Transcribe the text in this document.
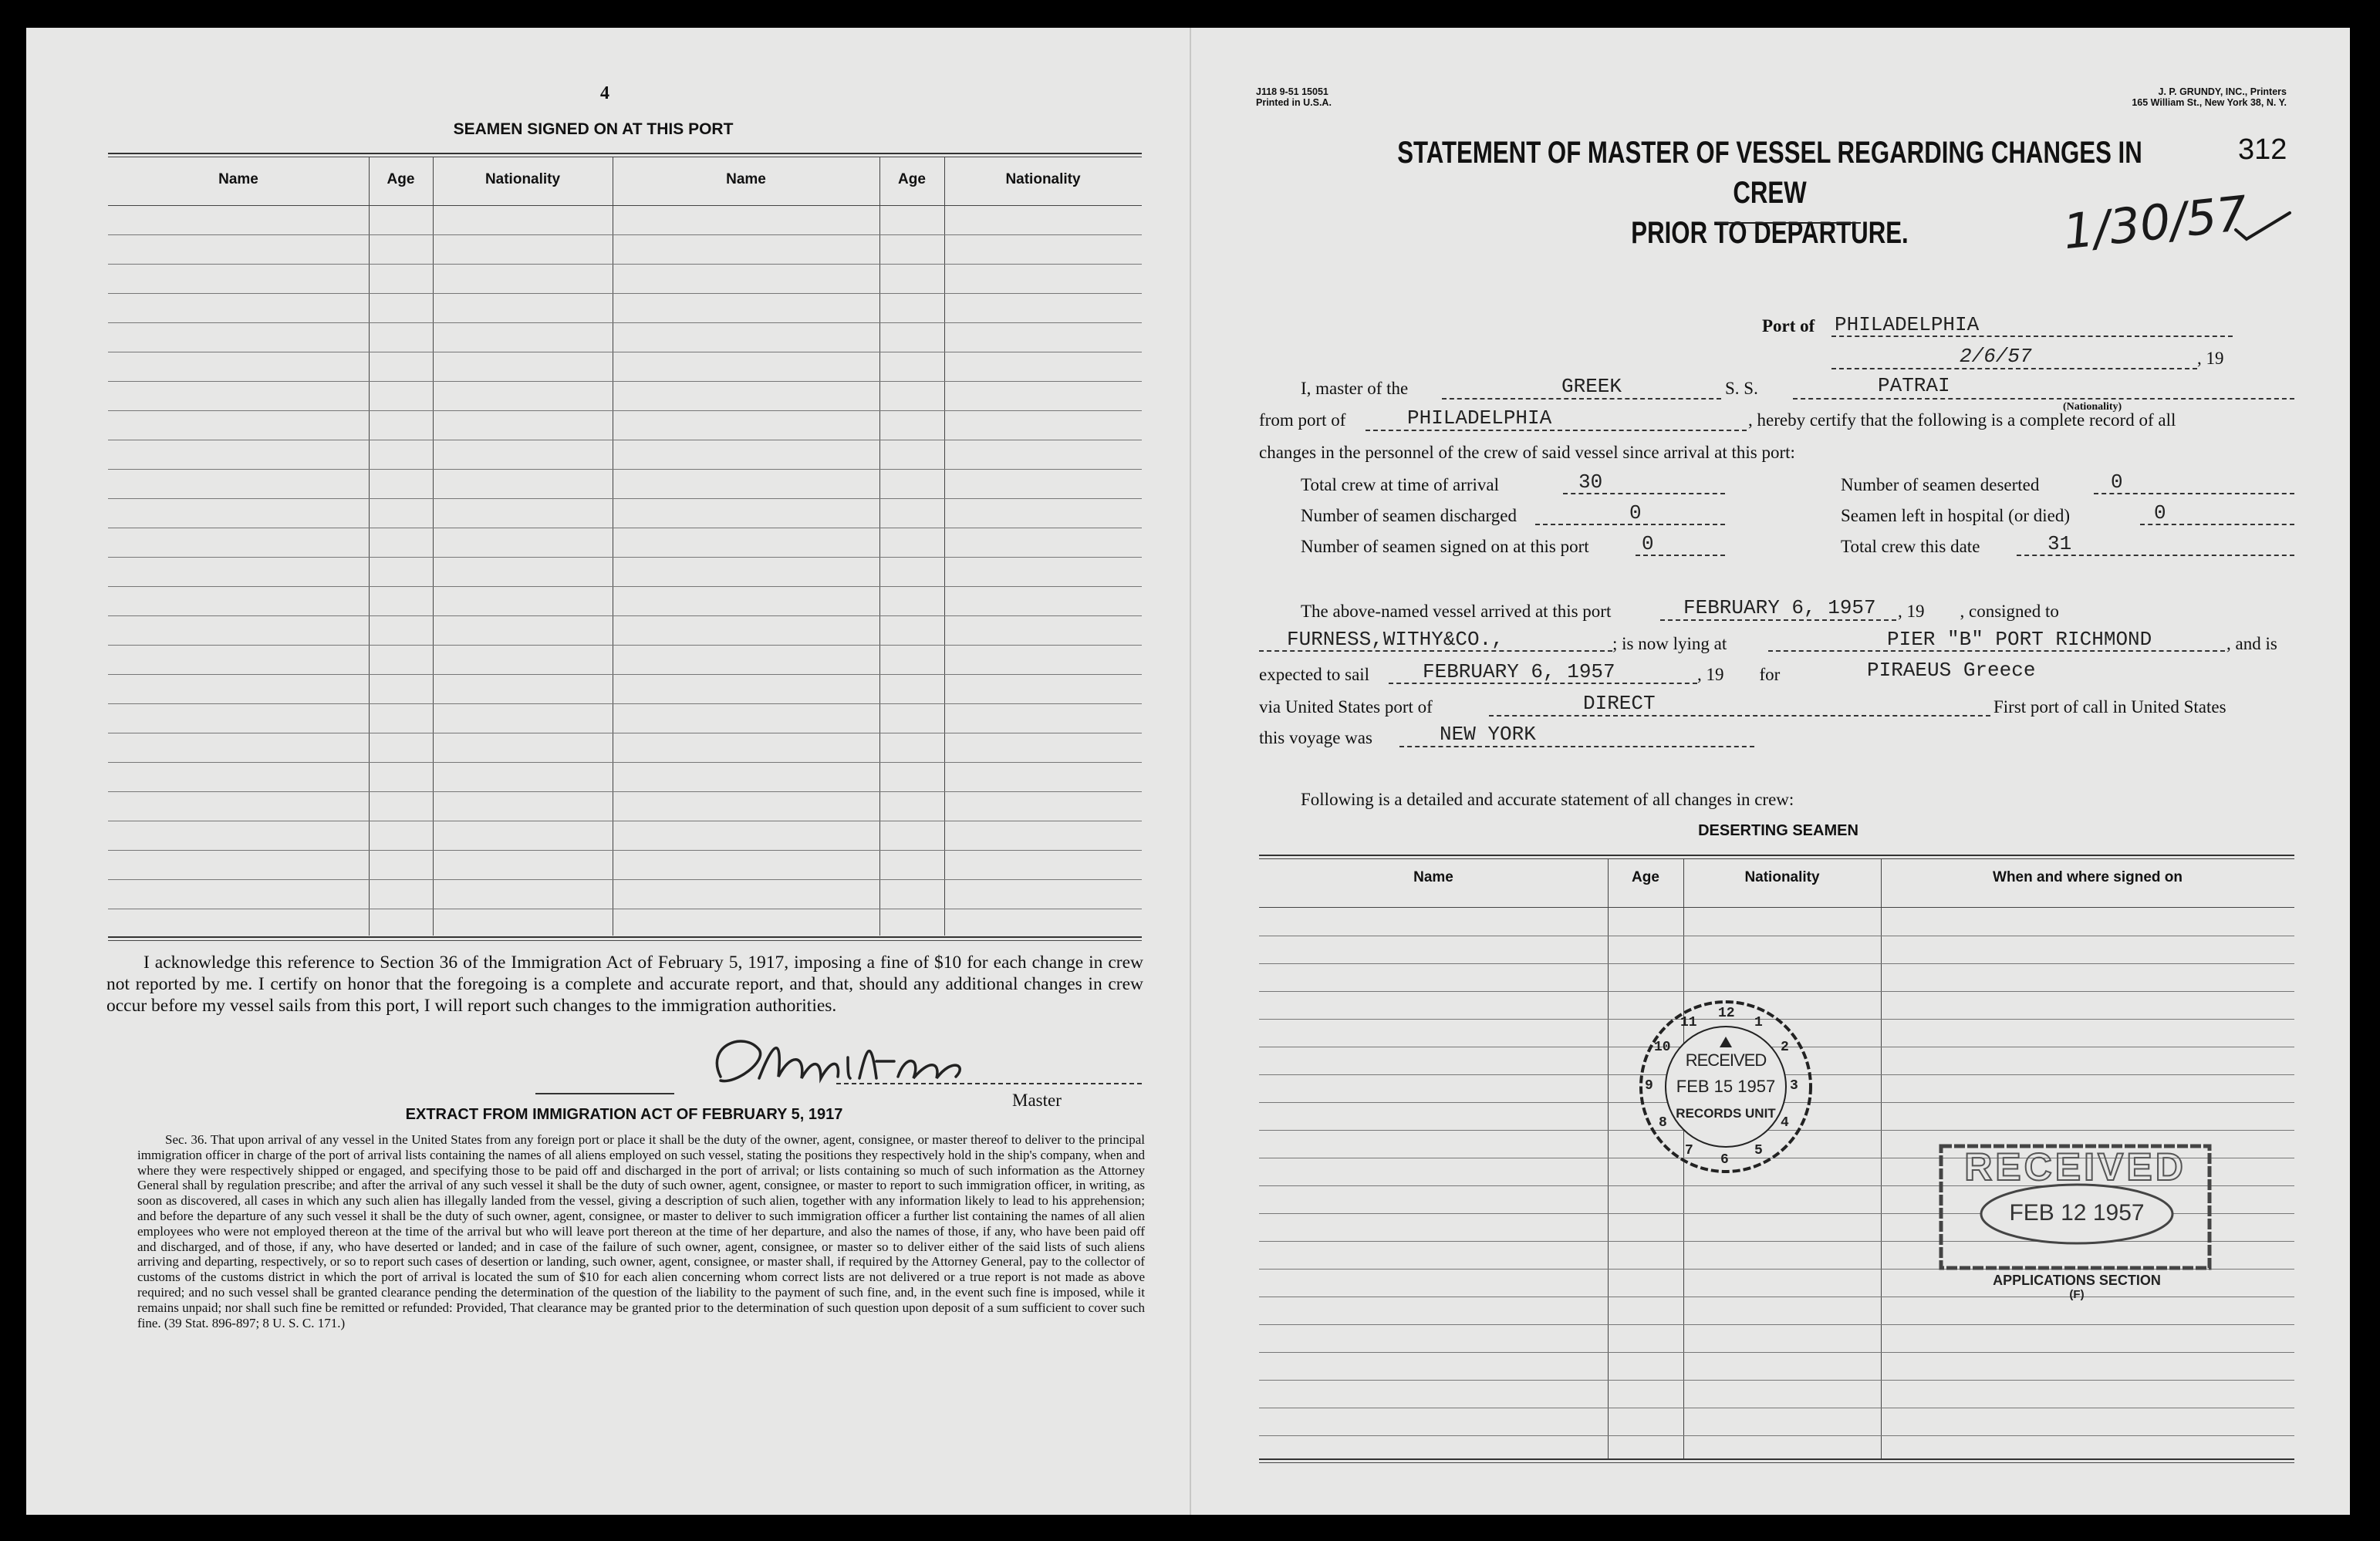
4
SEAMEN SIGNED ON AT THIS PORT
Name	Age	Nationality	Name	Age	Nationality
I acknowledge this reference to Section 36 of the Immigration Act of February 5, 1917, imposing a fine of $10 for each change in crew not reported by me. I certify on honor that the foregoing is a complete and accurate report, and that, should any additional changes in crew occur before my vessel sails from this port, I will report such changes to the immigration authorities.
Master
EXTRACT FROM IMMIGRATION ACT OF FEBRUARY 5, 1917
Sec. 36. That upon arrival of any vessel in the United States from any foreign port or place it shall be the duty of the owner, agent, consignee, or master thereof to deliver to the principal immigration officer in charge of the port of arrival lists containing the names of all aliens employed on such vessel, stating the positions they respectively hold in the ship's company, when and where they were respectively shipped or engaged, and specifying those to be paid off and discharged in the port of arrival; or lists containing so much of such information as the Attorney General shall by regulation prescribe; and after the arrival of any such vessel it shall be the duty of such owner, agent, consignee, or master to report to such immigration officer, in writing, as soon as discovered, all cases in which any such alien has illegally landed from the vessel, giving a description of such alien, together with any information likely to lead to his apprehension; and before the departure of any such vessel it shall be the duty of such owner, agent, consignee, or master to deliver to such immigration officer a further list containing the names of all alien employees who were not employed thereon at the time of the arrival but who will leave port thereon at the time of her departure, and also the names of those, if any, who have been paid off and discharged, and of those, if any, who have deserted or landed; and in case of the failure of such owner, agent, consignee, or master so to deliver either of the said lists of such aliens arriving and departing, respectively, or so to report such cases of desertion or landing, such owner, agent, consignee, or master shall, if required by the Attorney General, pay to the collector of customs of the customs district in which the port of arrival is located the sum of $10 for each alien concerning whom correct lists are not delivered or a true report is not made as above required; and no such vessel shall be granted clearance pending the determination of the question of the liability to the payment of such fine, and, in the event such fine is imposed, while it remains unpaid; nor shall such fine be remitted or refunded: Provided, That clearance may be granted prior to the determination of such question upon deposit of a sum sufficient to cover such fine. (39 Stat. 896-897; 8 U. S. C. 171.)
J118 9-51 15051
Printed in U.S.A.
J. P. GRUNDY, INC., Printers
165 William St., New York 38, N. Y.
STATEMENT OF MASTER OF VESSEL REGARDING CHANGES IN CREW
PRIOR TO DEPARTURE.
312
1/30/57
Port of PHILADELPHIA
2/6/57	, 19
I, master of the	GREEK	S. S.	PATRAI
(Nationality)
from port of	PHILADELPHIA	, hereby certify that the following is a complete record of all
changes in the personnel of the crew of said vessel since arrival at this port:
Total crew at time of arrival	30	Number of seamen deserted	0
Number of seamen discharged	0	Seamen left in hospital (or died)	0
Number of seamen signed on at this port	0	Total crew this date	31
The above-named vessel arrived at this port	FEBRUARY 6, 1957 , 19        , consigned to
FURNESS,WITHY&CO.,	; is now lying at	PIER "B" PORT RICHMOND	, and is
expected to sail	FEBRUARY 6, 1957	, 19        for	PIRAEUS Greece
via United States port of	DIRECT	First port of call in United States
this voyage was	NEW YORK
Following is a detailed and accurate statement of all changes in crew:
DESERTING SEAMEN
Name	Age	Nationality	When and where signed on
12
1
2
3
4
5
6
7
8
9
10
11
RECEIVED
FEB 15 1957
RECORDS UNIT
RECEIVED
FEB 12 1957
APPLICATIONS SECTION
(F)
